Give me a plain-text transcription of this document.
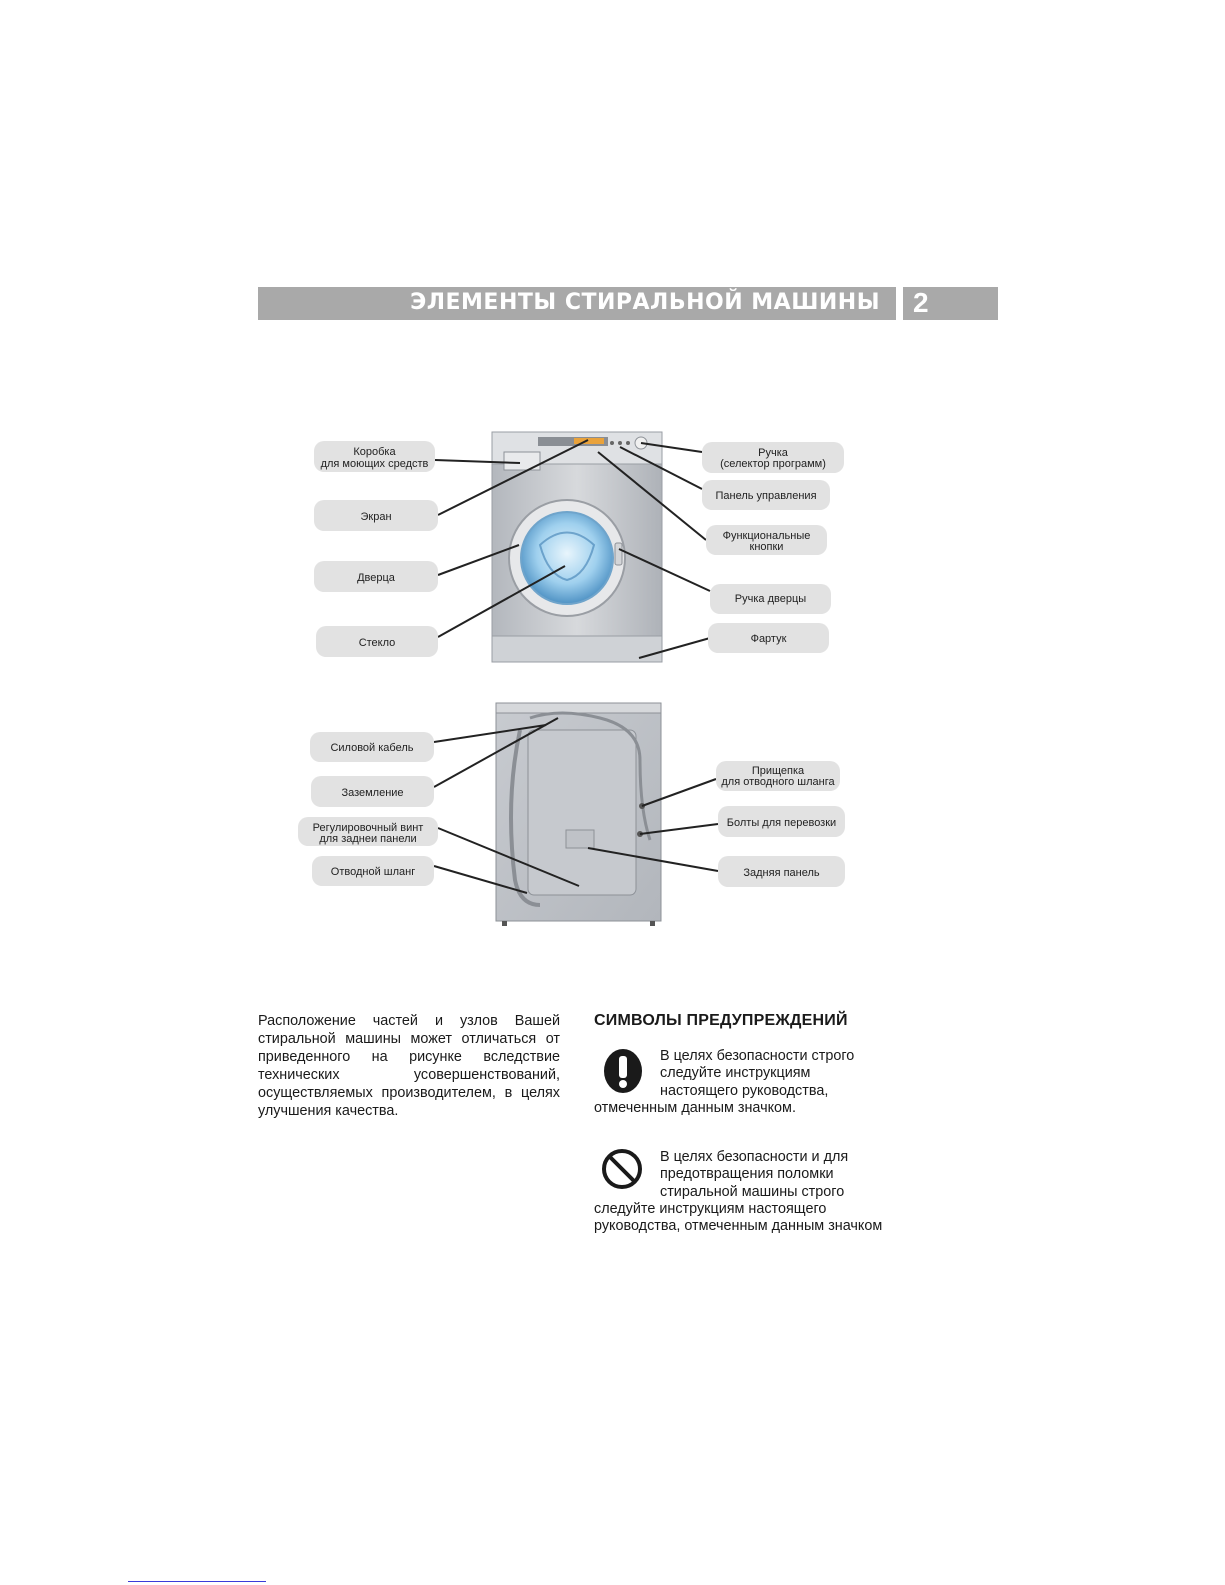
ЭЛЕМЕНТЫ СТИРАЛЬНОЙ МАШИНЫ 2
Коробка
для моющих средств
Экран
Дверца
Стекло
Ручка
(селектор программ)
Панель управления
Функциональные
кнопки
Ручка дверцы
Фартук
Силовой кабель
Заземление
Регулировочный винт
для заднеи панели
Отводной шланг
Прищепка
для отводного шланга
Болты для перевозки
Задняя панель
Расположение частей и узлов Вашей стиральной машины может отличаться от приведенного на рисунке вследствие технических усовершенствований, осуществляемых производителем, в целях улучшения качества.
СИМВОЛЫ ПРЕДУПРЕЖДЕНИЙ
В целях безопасности строго
следуйте инструкциям
настоящего руководства,
отмеченным данным значком.
В целях безопасности и для
предотвращения поломки
стиральной машины строго
следуйте инструкциям настоящего
руководства, отмеченным данным значком
